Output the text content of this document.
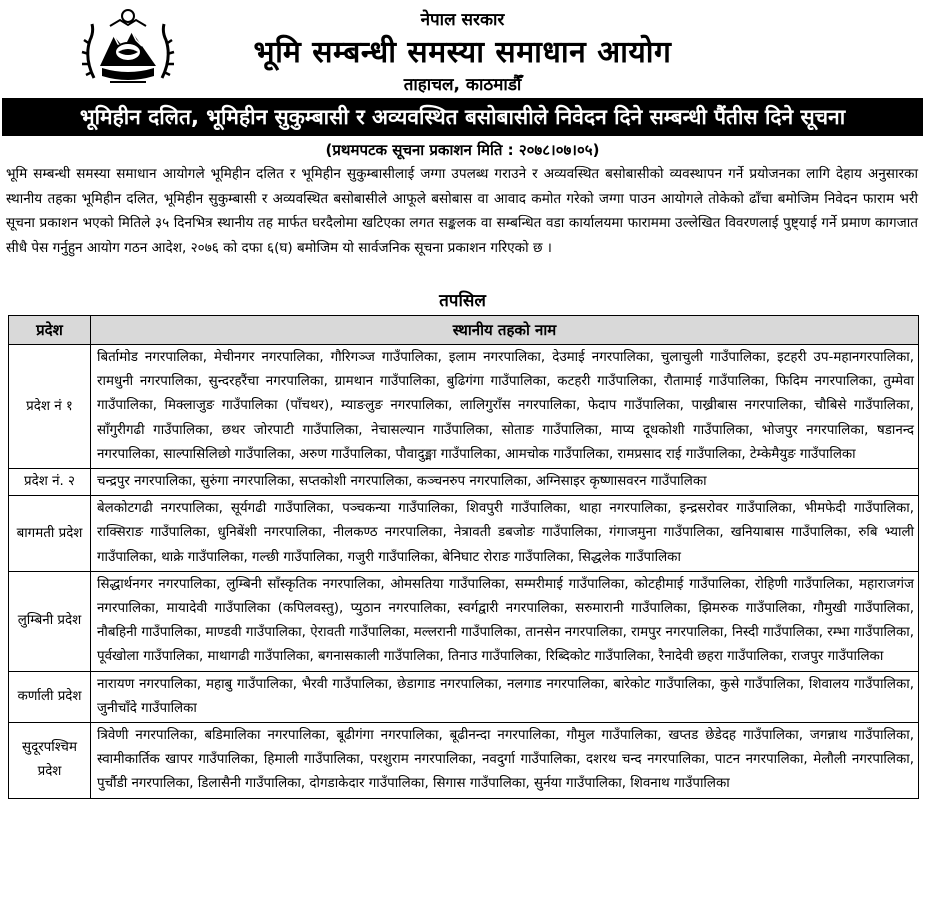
नेपाल सरकार
भूमि सम्बन्धी समस्या समाधान आयोग
ताहाचल, काठमाडौँ
भूमिहीन दलित, भूमिहीन सुकुम्बासी र अव्यवस्थित बसोबासीले निवेदन दिने सम्बन्धी पैंतीस दिने सूचना
(प्रथमपटक सूचना प्रकाशन मिति : २०७८।०७।०५)

भूमि सम्बन्धी समस्या समाधान आयोगले भूमिहीन दलित र भूमिहीन सुकुम्बासीलाई जग्गा उपलब्ध गराउने र अव्यवस्थित बसोबासीको व्यवस्थापन गर्ने प्रयोजनका लागि देहाय अनुसारका स्थानीय तहका भूमिहीन दलित, भूमिहीन सुकुम्बासी र अव्यवस्थित बसोबासीले आफूले बसोबास वा आवाद कमोत गरेको जग्गा पाउन आयोगले तोकेको ढाँचा बमोजिम निवेदन फाराम भरी सूचना प्रकाशन भएको मितिले ३५ दिनभित्र स्थानीय तह मार्फत घरदैलोमा खटिएका लगत सङ्कलक वा सम्बन्धित वडा कार्यालयमा फाराममा उल्लेखित विवरणलाई पुष्ट्याई गर्ने प्रमाण कागजात सीधै पेस गर्नुहुन आयोग गठन आदेश, २०७६ को दफा ६(घ) बमोजिम यो सार्वजनिक सूचना प्रकाशन गरिएको छ ।

तपसिल
प्रदेश	स्थानीय तहको नाम
प्रदेश नं १	बिर्तामोड नगरपालिका, मेचीनगर नगरपालिका, गौरिगञ्ज गाउँपालिका, इलाम नगरपालिका, देउमाई नगरपालिका, चुलाचुली गाउँपालिका, इटहरी उप-महानगरपालिका, रामधुनी नगरपालिका, सुन्दरहरैंचा नगरपालिका, ग्रामथान गाउँपालिका, बुढिगंगा गाउँपालिका, कटहरी गाउँपालिका, रौतामाई गाउँपालिका, फिदिम नगरपालिका, तुम्मेवा गाउँपालिका, मिक्लाजुङ गाउँपालिका (पाँचथर), म्याङलुङ नगरपालिका, लालिगुराँस नगरपालिका, फेदाप गाउँपालिका, पाख्रीबास नगरपालिका, चौबिसे गाउँपालिका, साँगुरीगढी गाउँपालिका, छथर जोरपाटी गाउँपालिका, नेचासल्यान गाउँपालिका, सोताङ गाउँपालिका, माप्य दूधकोशी गाउँपालिका, भोजपुर नगरपालिका, षडानन्द नगरपालिका, साल्पासिलिछो गाउँपालिका, अरुण गाउँपालिका, पौवादुङ्मा गाउँपालिका, आमचोक गाउँपालिका, रामप्रसाद राई गाउँपालिका, टेम्केमैयुङ गाउँपालिका
प्रदेश नं. २	चन्द्रपुर नगरपालिका, सुरुंगा नगरपालिका, सप्तकोशी नगरपालिका, कञ्चनरुप नगरपालिका, अग्निसाइर कृष्णासवरन गाउँपालिका
बागमती प्रदेश	बेलकोटगढी नगरपालिका, सूर्यगढी गाउँपालिका, पञ्चकन्या गाउँपालिका, शिवपुरी गाउँपालिका, थाहा नगरपालिका, इन्द्रसरोवर गाउँपालिका, भीमफेदी गाउँपालिका, राक्सिराङ गाउँपालिका, धुनिबेंशी नगरपालिका, नीलकण्ठ नगरपालिका, नेत्रावती डबजोङ गाउँपालिका, गंगाजमुना गाउँपालिका, खनियाबास गाउँपालिका, रुबि भ्याली गाउँपालिका, थाक्रे गाउँपालिका, गल्छी गाउँपालिका, गजुरी गाउँपालिका, बेनिघाट रोराङ गाउँपालिका, सिद्धलेक गाउँपालिका
लुम्बिनी प्रदेश	सिद्धार्थनगर नगरपालिका, लुम्बिनी साँस्कृतिक नगरपालिका, ओमसतिया गाउँपालिका, सम्मरीमाई गाउँपालिका, कोटहीमाई गाउँपालिका, रोहिणी गाउँपालिका, महाराजगंज नगरपालिका, मायादेवी गाउँपालिका (कपिलवस्तु), प्युठान नगरपालिका, स्वर्गद्वारी नगरपालिका, सरुमारानी गाउँपालिका, झिमरुक गाउँपालिका, गौमुखी गाउँपालिका, नौबहिनी गाउँपालिका, माण्डवी गाउँपालिका, ऐरावती गाउँपालिका, मल्लरानी गाउँपालिका, तानसेन नगरपालिका, रामपुर नगरपालिका, निस्दी गाउँपालिका, रम्भा गाउँपालिका, पूर्वखोला गाउँपालिका, माथागढी गाउँपालिका, बगनासकाली गाउँपालिका, तिनाउ गाउँपालिका, रिब्दिकोट गाउँपालिका, रैनादेवी छहरा गाउँपालिका, राजपुर गाउँपालिका
कर्णाली प्रदेश	नारायण नगरपालिका, महाबु गाउँपालिका, भैरवी गाउँपालिका, छेडागाड नगरपालिका, नलगाड नगरपालिका, बारेकोट गाउँपालिका, कुसे गाउँपालिका, शिवालय गाउँपालिका, जुनीचाँदे गाउँपालिका
सुदूरपश्चिम प्रदेश	त्रिवेणी नगरपालिका, बडिमालिका नगरपालिका, बूढीगंगा नगरपालिका, बूढीनन्दा नगरपालिका, गौमुल गाउँपालिका, खप्तड छेडेदह गाउँपालिका, जगन्नाथ गाउँपालिका, स्वामीकार्तिक खापर गाउँपालिका, हिमाली गाउँपालिका, परशुराम नगरपालिका, नवदुर्गा गाउँपालिका, दशरथ चन्द नगरपालिका, पाटन नगरपालिका, मेलौली नगरपालिका, पुर्चौडी नगरपालिका, डिलासैनी गाउँपालिका, दोगडाकेदार गाउँपालिका, सिगास गाउँपालिका, सुर्नया गाउँपालिका, शिवनाथ गाउँपालिका
